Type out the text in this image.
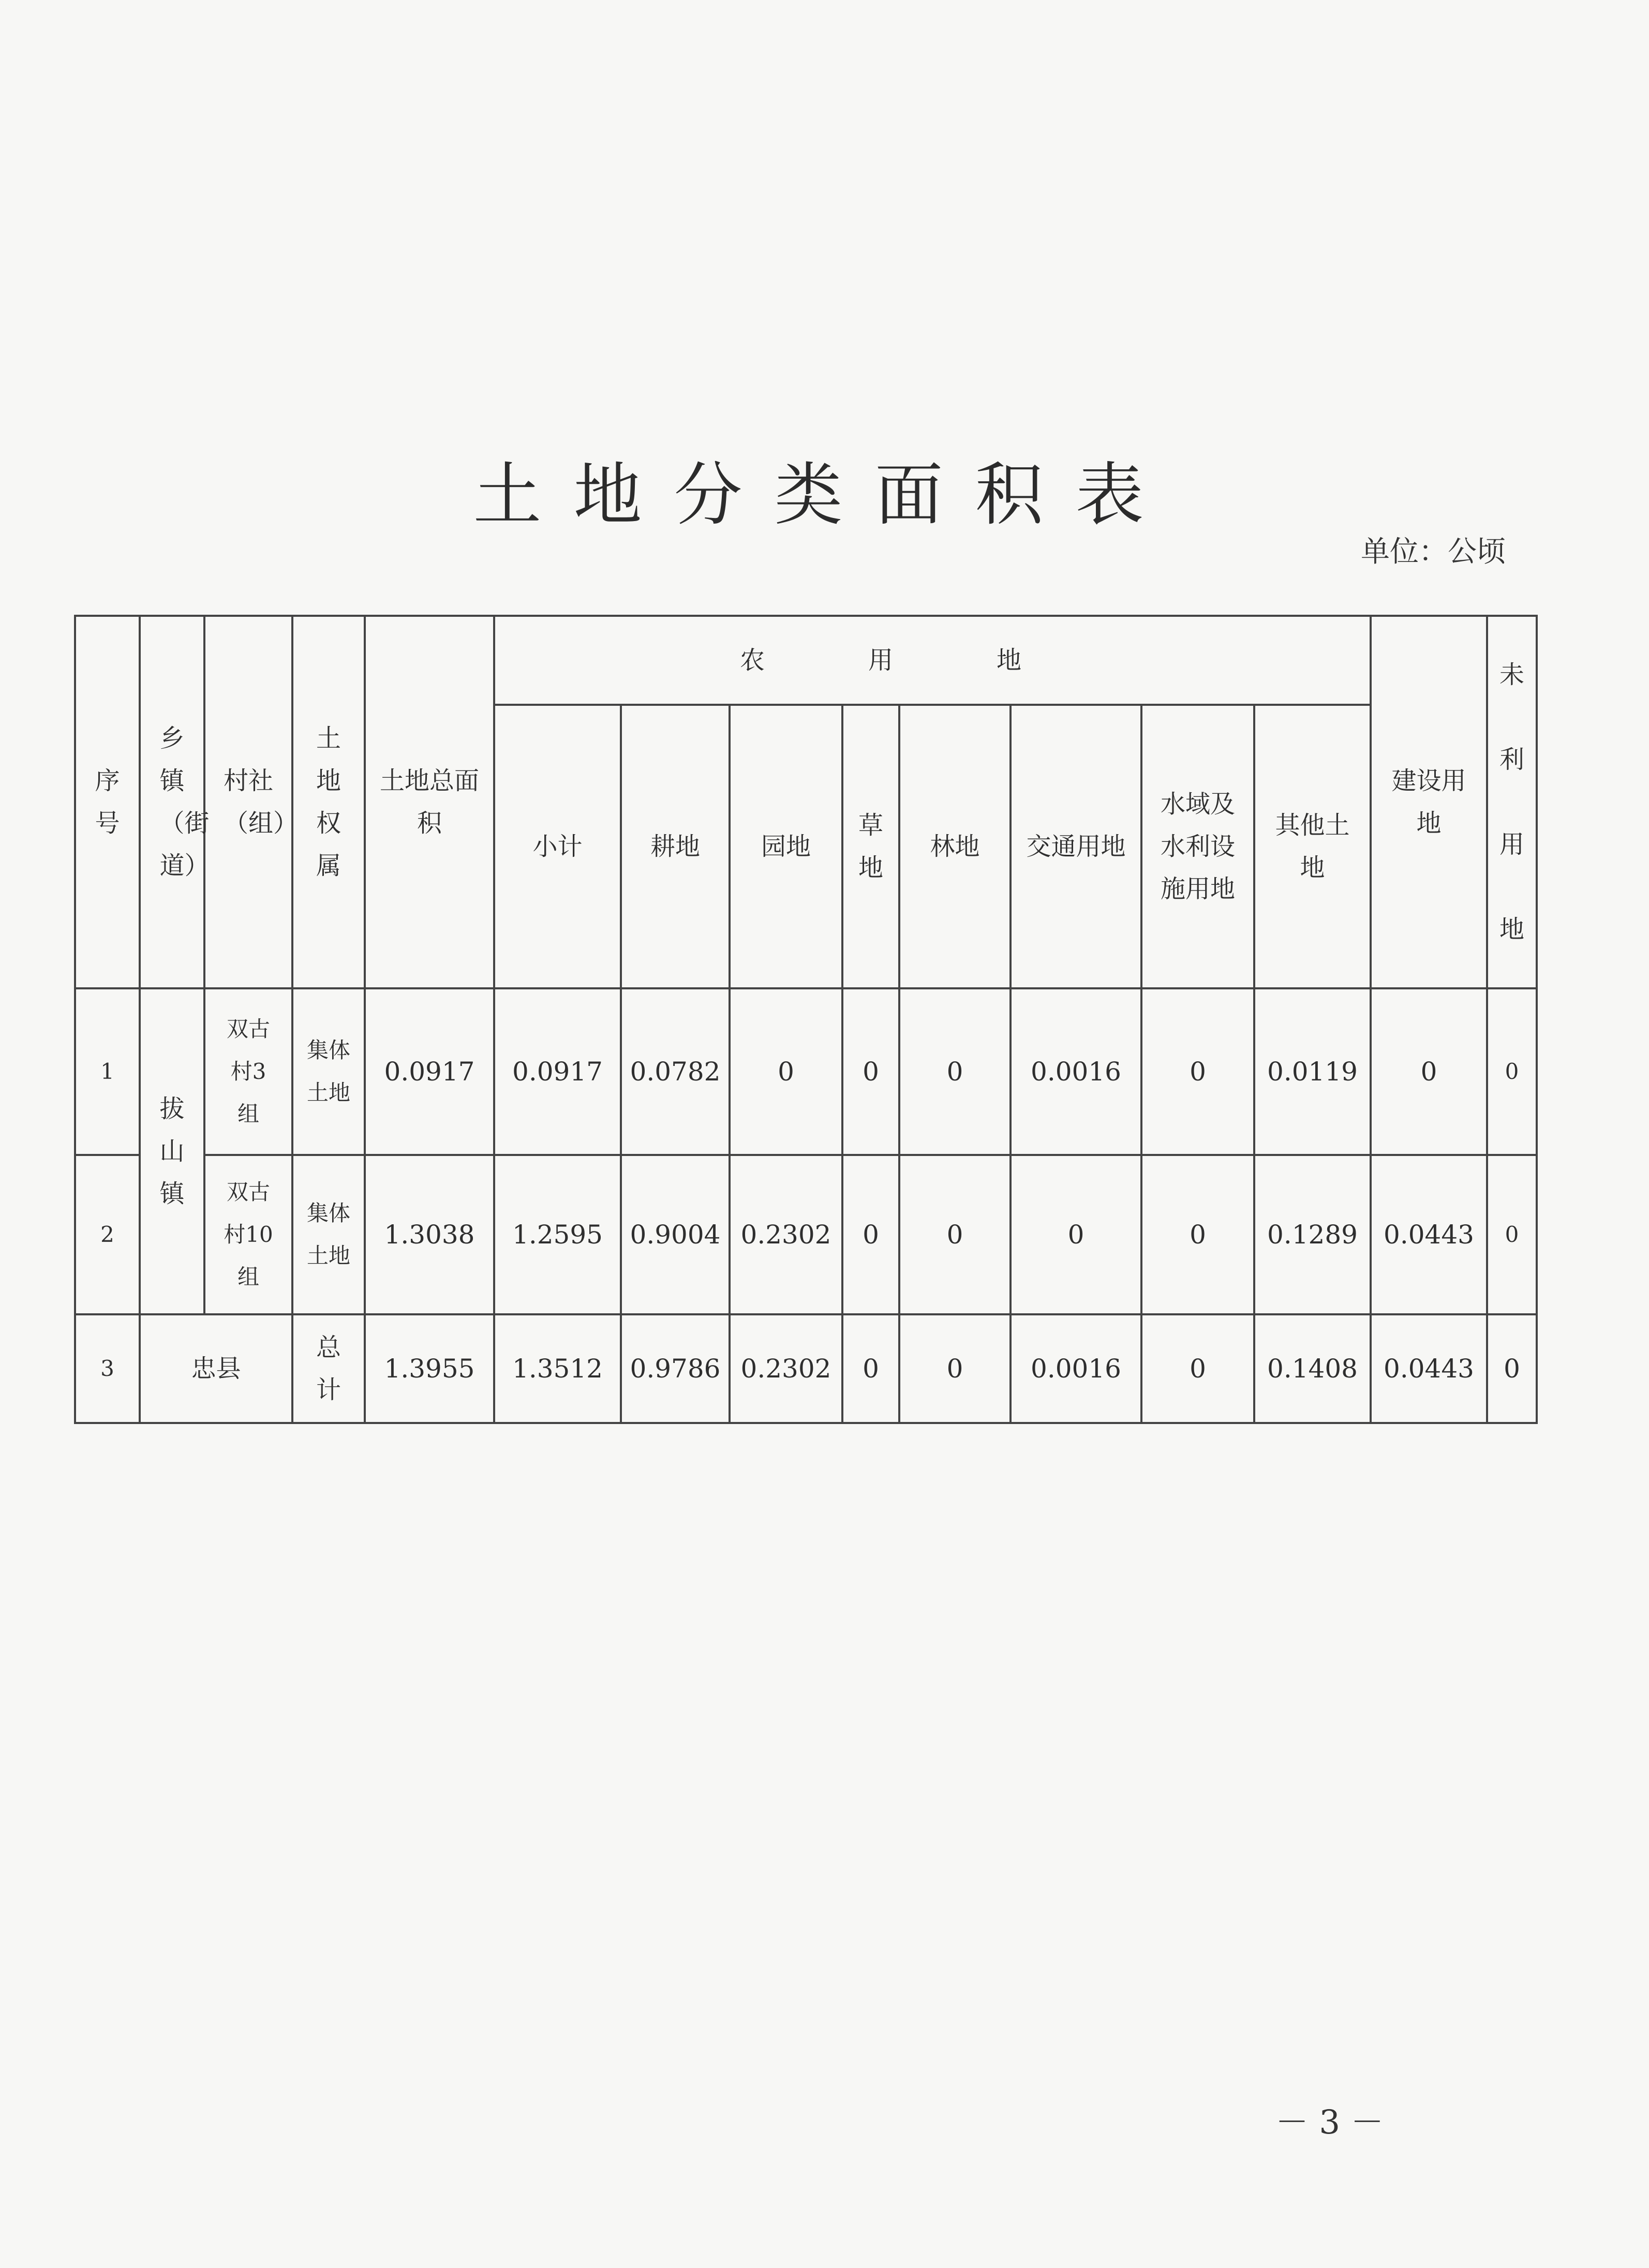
土地分类面积表
单位：公顷
序号	乡镇（街道）	村社（组）	土地权属	土地总面积	农用地								建设用地	未利用地
					小计	耕地	园地	草地	林地	交通用地	水域及水利设施用地	其他土地		
1	拔山镇	双古村3组	集体土地	0.0917	0.0917	0.0782	0	0	0	0.0016	0	0.0119	0	0
2		双古村10组	集体土地	1.3038	1.2595	0.9004	0.2302	0	0	0	0	0.1289	0.0443	0
3	忠县		总计	1.3955	1.3512	0.9786	0.2302	0	0	0.0016	0	0.1408	0.0443	0
－ 3 －
